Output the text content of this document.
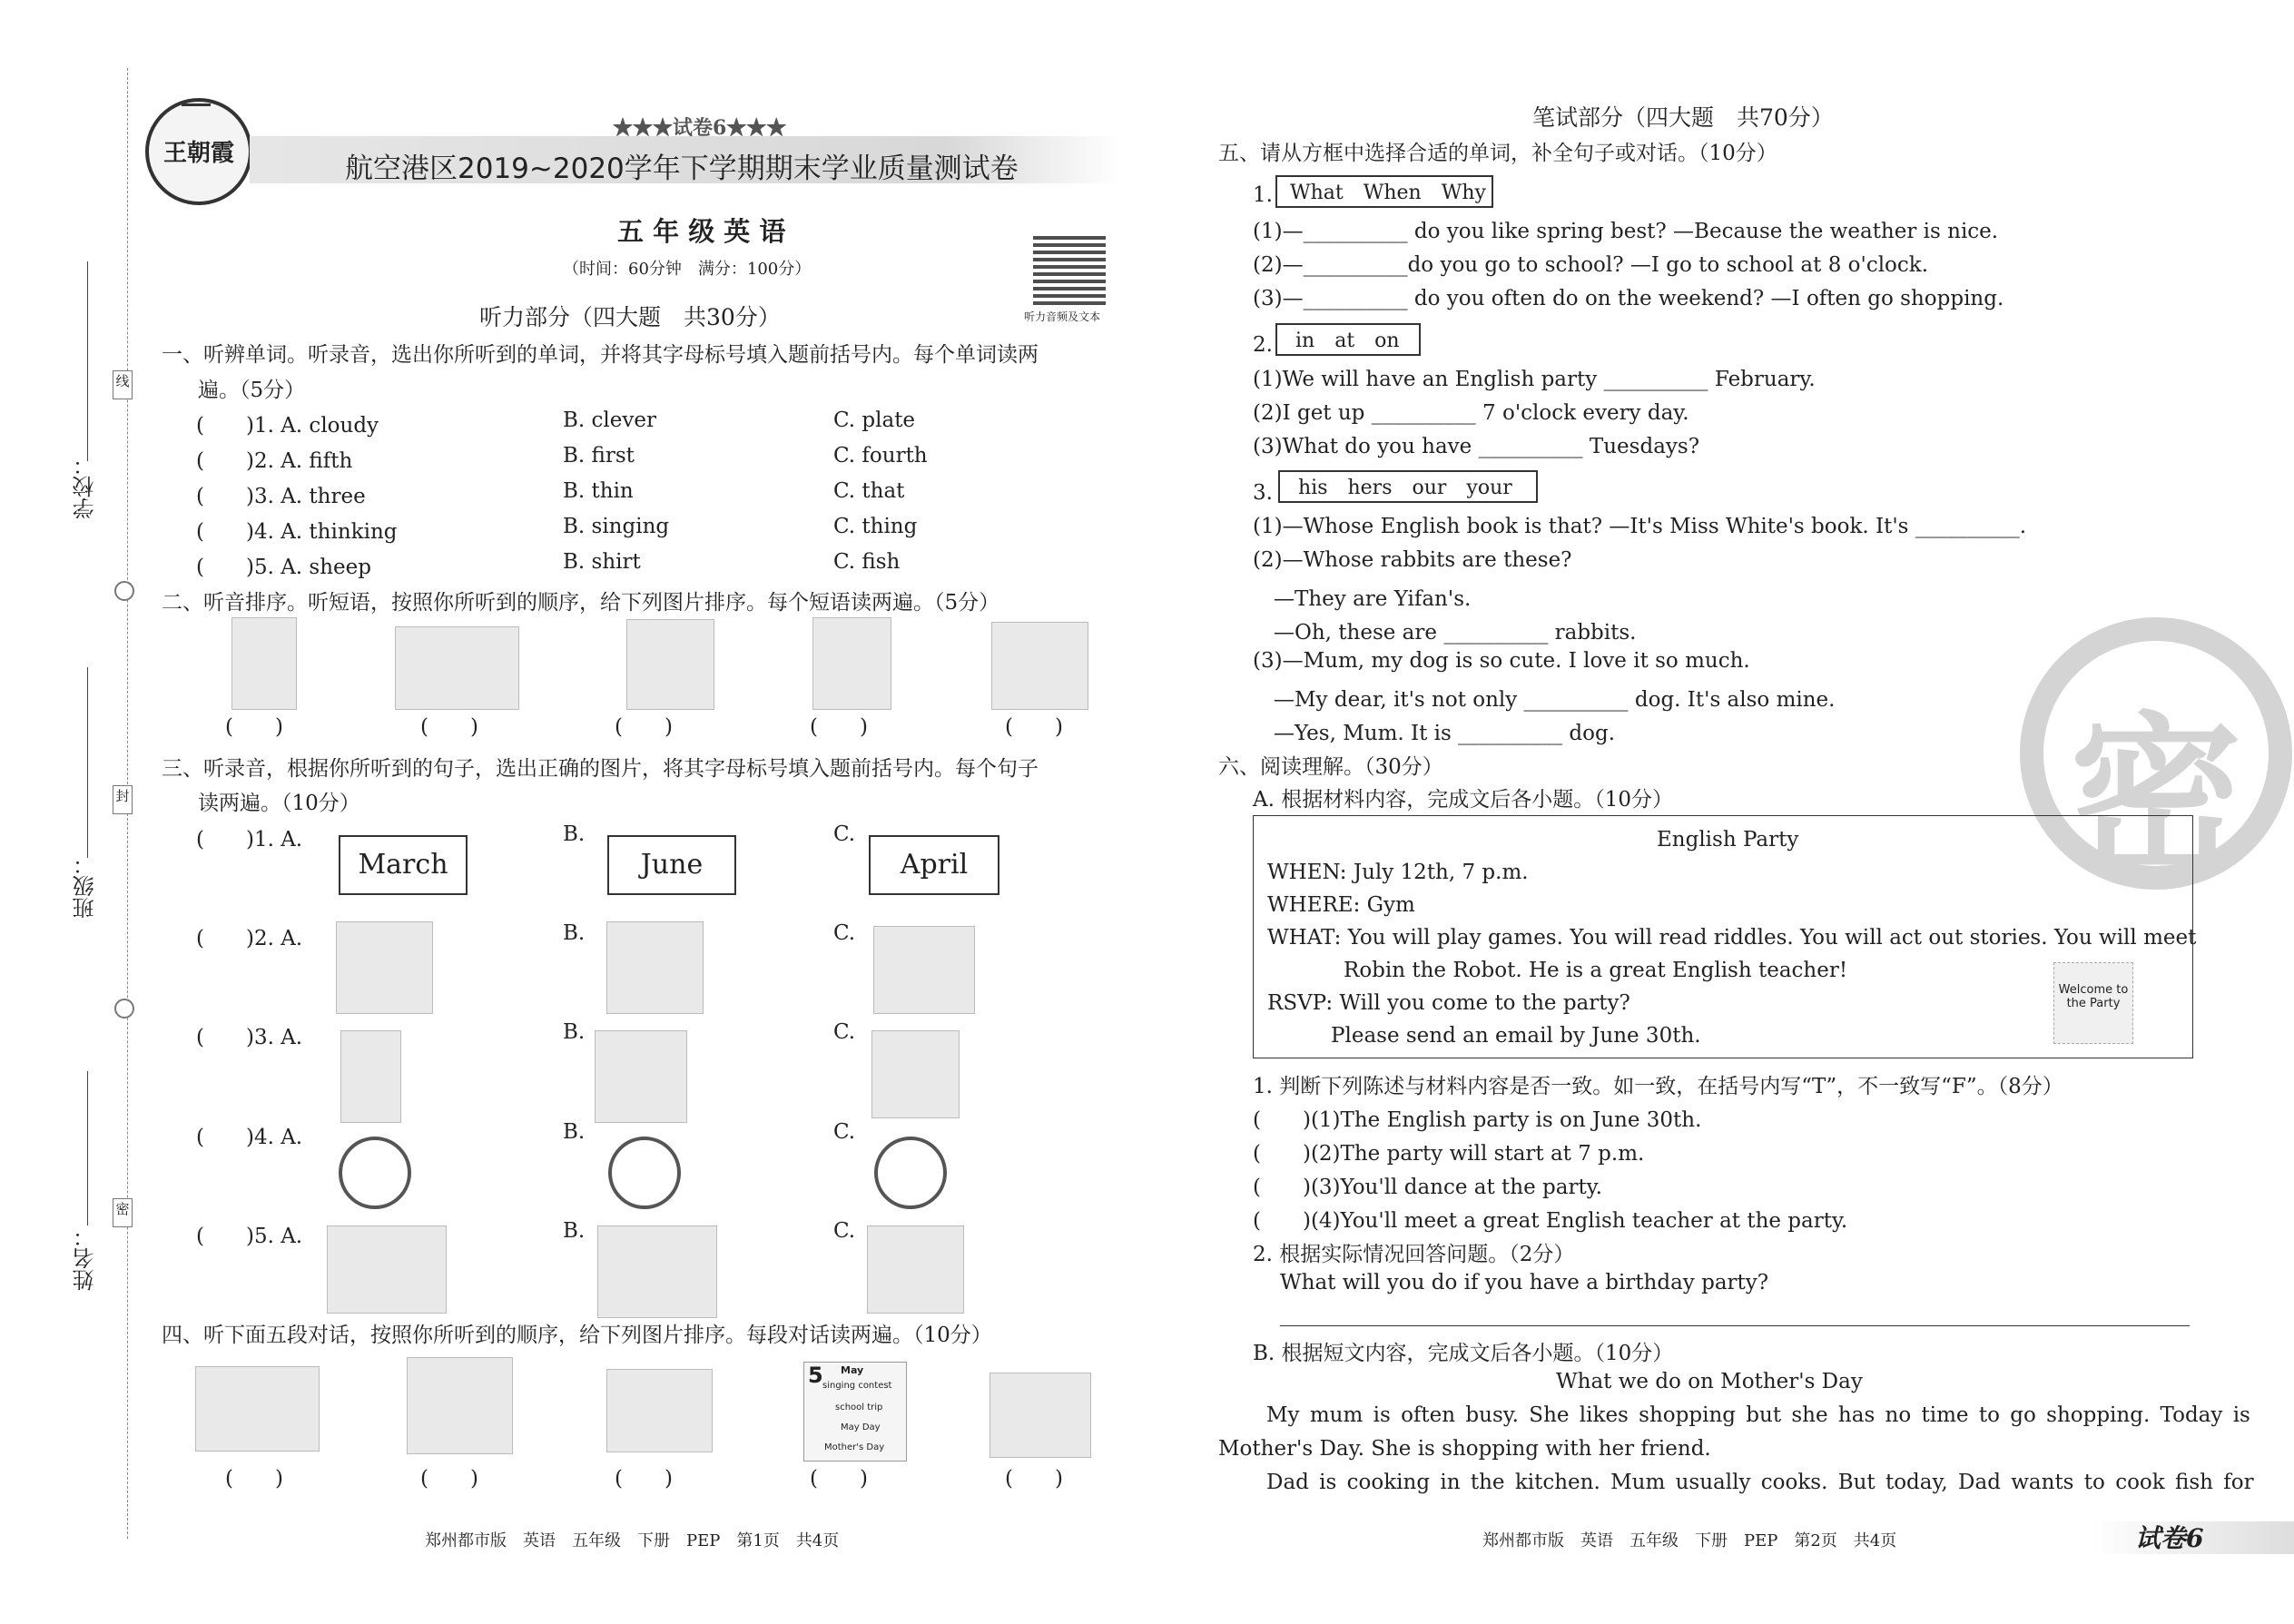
学校：
班级：
姓名：
线
封
密
王朝霞
★★★试卷6★★★
航空港区2019~2020学年下学期期末学业质量测试卷
五 年 级 英 语
（时间：60分钟　满分：100分）
听力音频及文本
听力部分（四大题　共30分）
一、听辨单词。听录音，选出你所听到的单词，并将其字母标号填入题前括号内。每个单词读两
遍。（5分）
(　　)1. A. cloudy	B. clever	C. plate
(　　)2. A. fifth	B. first	C. fourth
(　　)3. A. three	B. thin	C. that
(　　)4. A. thinking	B. singing	C. thing
(　　)5. A. sheep	B. shirt	C. fish
二、听音排序。听短语，按照你所听到的顺序，给下列图片排序。每个短语读两遍。（5分）
(　　)	(　　)	(　　)	(　　)	(　　)
三、听录音，根据你所听到的句子，选出正确的图片，将其字母标号填入题前括号内。每个句子
读两遍。（10分）
(　　)1. A.	B.	C.
March	June	April
(　　)2. A.	B.	C.
(　　)3. A.	B.	C.
(　　)4. A.	B.	C.
(　　)5. A.	B.	C.
四、听下面五段对话，按照你所听到的顺序，给下列图片排序。每段对话读两遍。（10分）
5 May
singing contest
school trip
May Day
Mother's Day
(　　)	(　　)	(　　)	(　　)	(　　)
笔试部分（四大题　共70分）
五、请从方框中选择合适的单词，补全句子或对话。（10分）
1. What　When　Why
(1)—__________ do you like spring best? —Because the weather is nice.
(2)—__________do you go to school? —I go to school at 8 o'clock.
(3)—__________ do you often do on the weekend? —I often go shopping.
2.	in　at　on
(1)We will have an English party __________ February.
(2)I get up __________ 7 o'clock every day.
(3)What do you have __________ Tuesdays?
3.	his　hers　our　your
(1)—Whose English book is that? —It's Miss White's book. It's __________.
(2)—Whose rabbits are these?
　—They are Yifan's.
　—Oh, these are __________ rabbits.
(3)—Mum, my dog is so cute. I love it so much.
　—My dear, it's not only __________ dog. It's also mine.
　—Yes, Mum. It is __________ dog.	密
六、阅读理解。（30分）
A. 根据材料内容，完成文后各小题。（10分）
English Party
WHEN: July 12th, 7 p.m.
WHERE: Gym
WHAT: You will play games. You will read riddles. You will act out stories. You will meet
Robin the Robot. He is a great English teacher!
RSVP: Will you come to the party?
Please send an email by June 30th.
Welcome to the Party
1. 判断下列陈述与材料内容是否一致。如一致，在括号内写“T”，不一致写“F”。（8分）
(　　)(1)The English party is on June 30th.
(　　)(2)The party will start at 7 p.m.
(　　)(3)You'll dance at the party.
(　　)(4)You'll meet a great English teacher at the party.
2. 根据实际情况回答问题。（2分）
What will you do if you have a birthday party?
B. 根据短文内容，完成文后各小题。（10分）
What we do on Mother's Day
My mum is often busy. She likes shopping but she has no time to go shopping. Today is
Mother's Day. She is shopping with her friend.
Dad is cooking in the kitchen. Mum usually cooks. But today, Dad wants to cook fish for
郑州都市版　英语　五年级　下册　PEP　第1页　共4页	郑州都市版　英语　五年级　下册　PEP　第2页　共4页	试卷6
